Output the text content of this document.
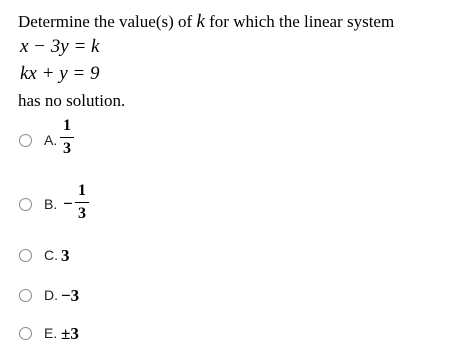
Determine the value(s) of k for which the linear system
x − 3y = k
kx + y = 9
has no solution.
A.
1
3
B. −
1
3
C. 3
D. −3
E. ±3
